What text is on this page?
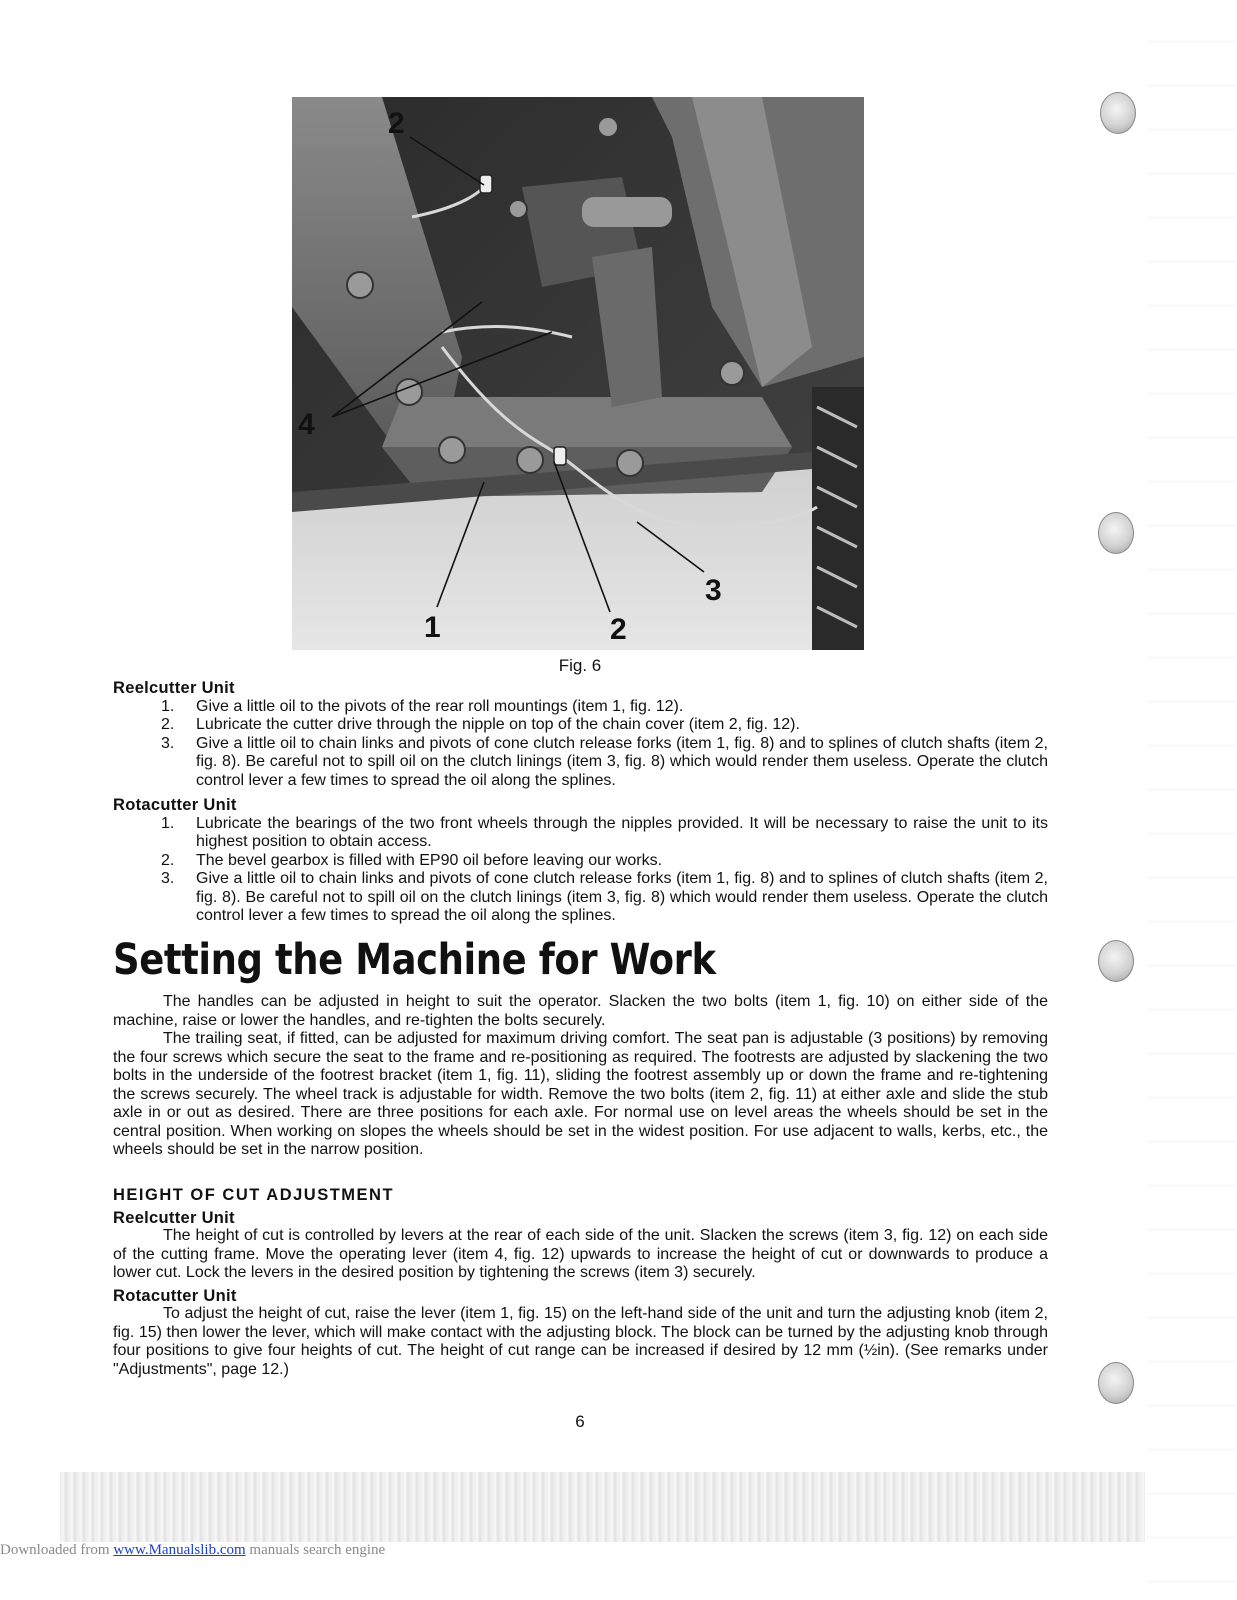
2
4
1	2
3
Fig. 6

Reelcutter Unit

1.	Give a little oil to the pivots of the rear roll mountings (item 1, fig. 12).
2.	Lubricate the cutter drive through the nipple on top of the chain cover (item 2, fig. 12).
3.	Give a little oil to chain links and pivots of cone clutch release forks (item 1, fig. 8) and to splines of clutch shafts (item 2, fig. 8). Be careful not to spill oil on the clutch linings (item 3, fig. 8) which would render them useless. Operate the clutch control lever a few times to spread the oil along the splines.

Rotacutter Unit

1.	Lubricate the bearings of the two front wheels through the nipples provided. It will be necessary to raise the unit to its highest position to obtain access.
2.	The bevel gearbox is filled with EP90 oil before leaving our works.
3.	Give a little oil to chain links and pivots of cone clutch release forks (item 1, fig. 8) and to splines of clutch shafts (item 2, fig. 8). Be careful not to spill oil on the clutch linings (item 3, fig. 8) which would render them useless. Operate the clutch control lever a few times to spread the oil along the splines.
Setting the Machine for Work

The handles can be adjusted in height to suit the operator. Slacken the two bolts (item 1, fig. 10) on either side of the machine, raise or lower the handles, and re-tighten the bolts securely.

The trailing seat, if fitted, can be adjusted for maximum driving comfort. The seat pan is adjustable (3 positions) by removing the four screws which secure the seat to the frame and re-positioning as required. The footrests are adjusted by slackening the two bolts in the underside of the footrest bracket (item 1, fig. 11), sliding the footrest assembly up or down the frame and re-tightening the screws securely. The wheel track is adjustable for width. Remove the two bolts (item 2, fig. 11) at either axle and slide the stub axle in or out as desired. There are three positions for each axle. For normal use on level areas the wheels should be set in the central position. When working on slopes the wheels should be set in the widest position. For use adjacent to walls, kerbs, etc., the wheels should be set in the narrow position.

HEIGHT OF CUT ADJUSTMENT

Reelcutter Unit

The height of cut is controlled by levers at the rear of each side of the unit. Slacken the screws (item 3, fig. 12) on each side of the cutting frame. Move the operating lever (item 4, fig. 12) upwards to increase the height of cut or downwards to produce a lower cut. Lock the levers in the desired position by tightening the screws (item 3) securely.

Rotacutter Unit

To adjust the height of cut, raise the lever (item 1, fig. 15) on the left-hand side of the unit and turn the adjusting knob (item 2, fig. 15) then lower the lever, which will make contact with the adjusting block. The block can be turned by the adjusting knob through four positions to give four heights of cut. The height of cut range can be increased if desired by 12 mm (½in). (See remarks under "Adjustments", page 12.)

6
Downloaded from www.Manualslib.com manuals search engine
